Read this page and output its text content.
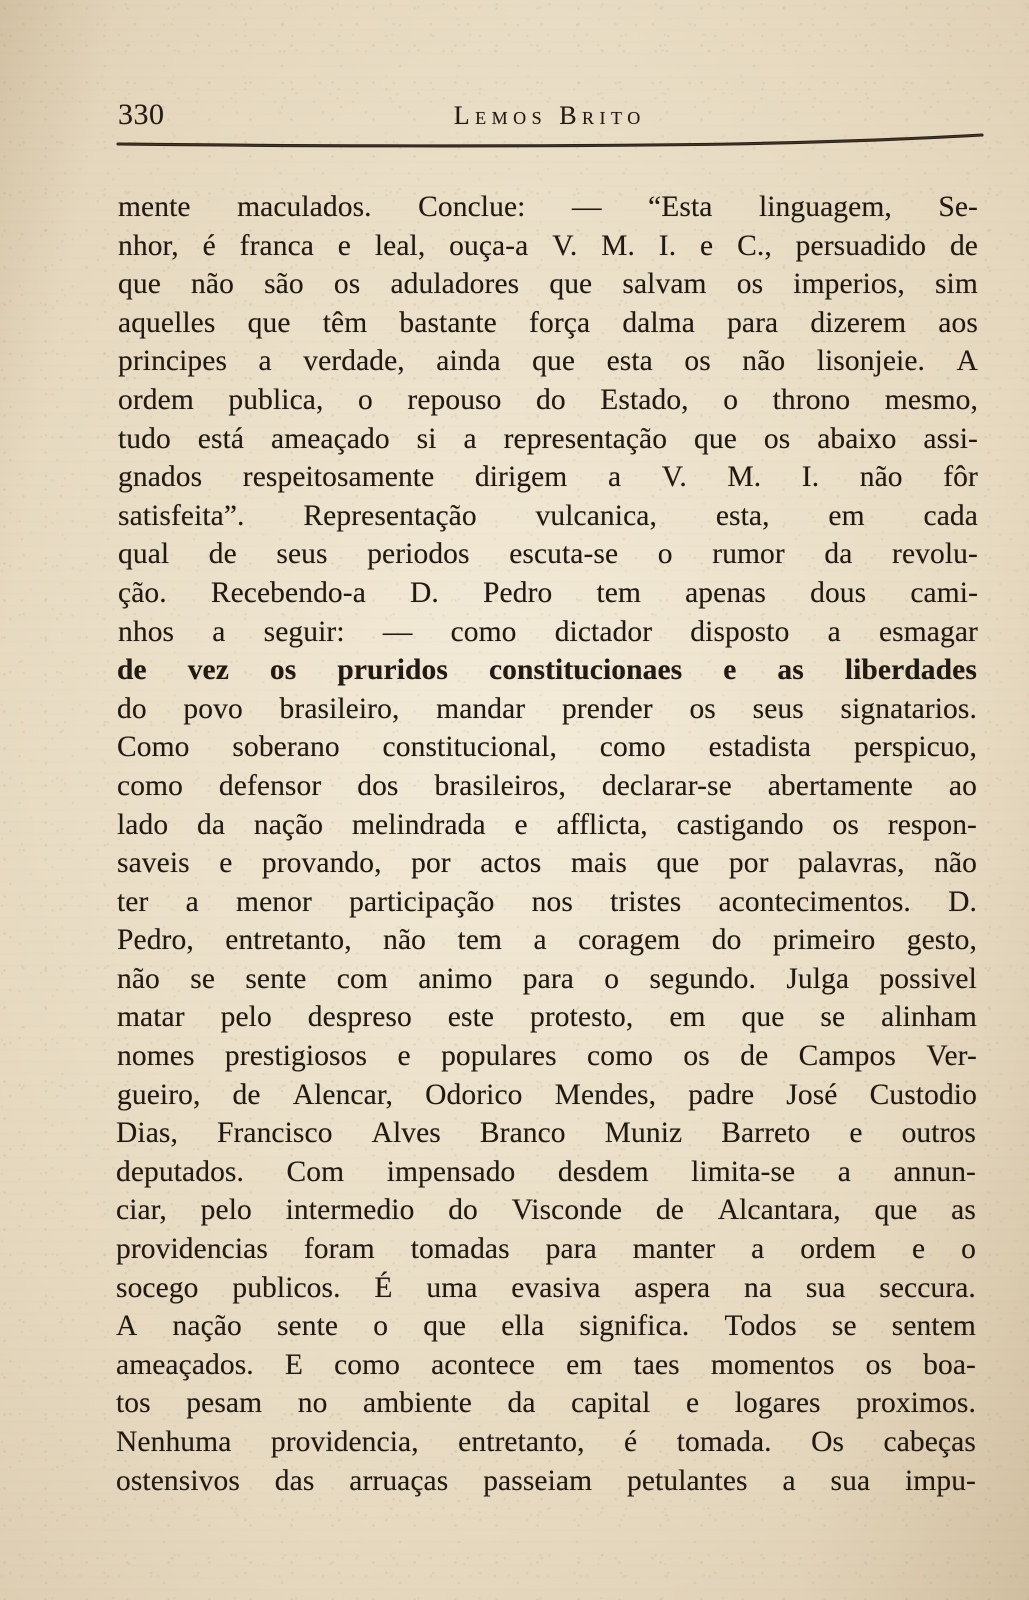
330	Lemos Brito
mente maculados. Conclue: — “Esta linguagem, Se-
nhor, é franca e leal, ouça-a V. M. I. e C., persuadido de
que não são os aduladores que salvam os imperios, sim
aquelles que têm bastante força dalma para dizerem aos
principes a verdade, ainda que esta os não lisonjeie. A
ordem publica, o repouso do Estado, o throno mesmo,
tudo está ameaçado si a representação que os abaixo assi-
gnados respeitosamente dirigem a V. M. I. não fôr
satisfeita”. Representação vulcanica, esta, em cada
qual de seus periodos escuta-se o rumor da revolu-
ção. Recebendo-a D. Pedro tem apenas dous cami-
nhos a seguir: — como dictador disposto a esmagar
de vez os pruridos constitucionaes e as liberdades
do povo brasileiro, mandar prender os seus signatarios.
Como soberano constitucional, como estadista perspicuo,
como defensor dos brasileiros, declarar-se abertamente ao
lado da nação melindrada e afflicta, castigando os respon-
saveis e provando, por actos mais que por palavras, não
ter a menor participação nos tristes acontecimentos. D.
Pedro, entretanto, não tem a coragem do primeiro gesto,
não se sente com animo para o segundo. Julga possivel
matar pelo despreso este protesto, em que se alinham
nomes prestigiosos e populares como os de Campos Ver-
gueiro, de Alencar, Odorico Mendes, padre José Custodio
Dias, Francisco Alves Branco Muniz Barreto e outros
deputados. Com impensado desdem limita-se a annun-
ciar, pelo intermedio do Visconde de Alcantara, que as
providencias foram tomadas para manter a ordem e o
socego publicos. É uma evasiva aspera na sua seccura.
A nação sente o que ella significa. Todos se sentem
ameaçados. E como acontece em taes momentos os boa-
tos pesam no ambiente da capital e logares proximos.
Nenhuma providencia, entretanto, é tomada. Os cabeças
ostensivos das arruaças passeiam petulantes a sua impu-
